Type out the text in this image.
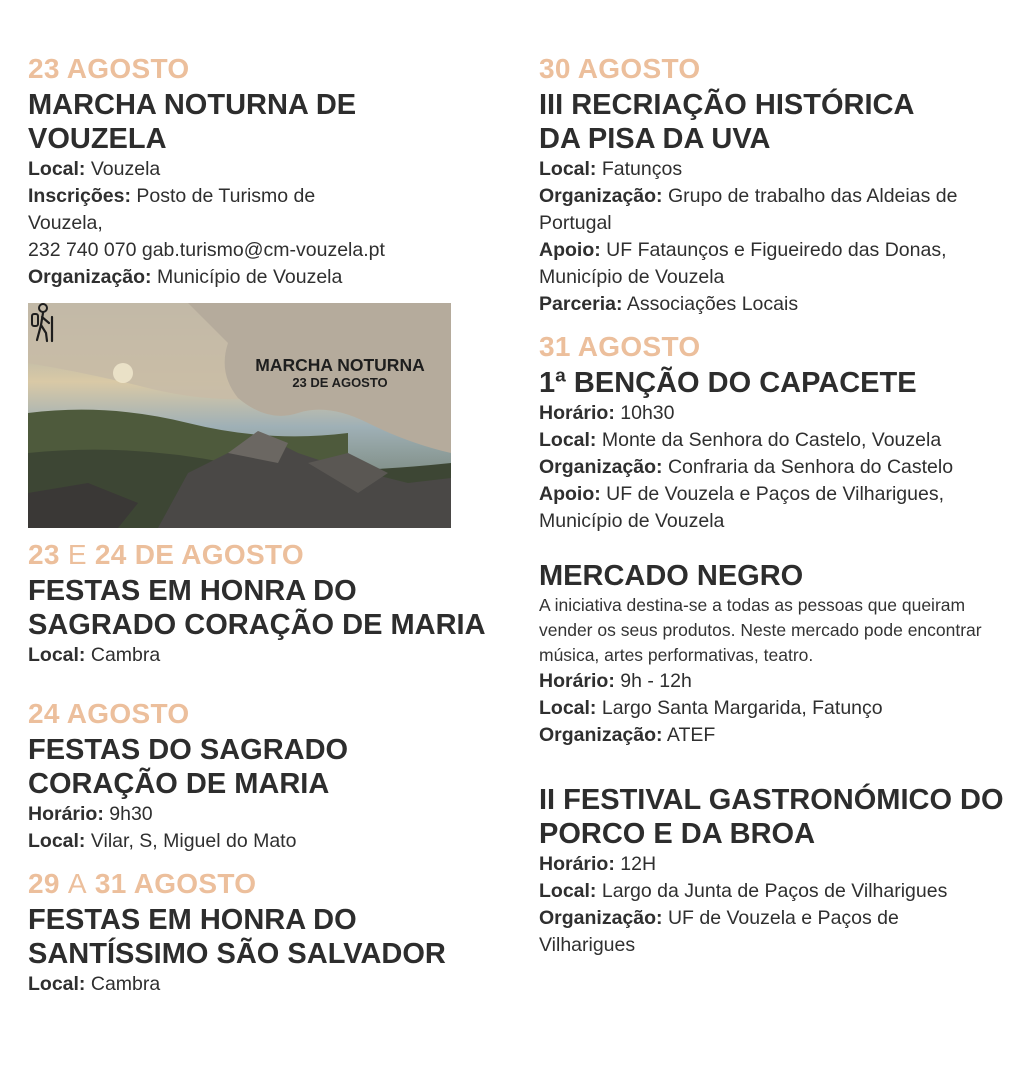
23 AGOSTO
MARCHA NOTURNA DE VOUZELA
Local: Vouzela
Inscrições: Posto de Turismo de Vouzela,
232 740 070 gab.turismo@cm-vouzela.pt
Organização: Município de Vouzela
MARCHA NOTURNA
23 DE AGOSTO
23 E 24 DE AGOSTO
FESTAS EM HONRA DO SAGRADO CORAÇÃO DE MARIA
Local: Cambra
24 AGOSTO
FESTAS DO SAGRADO CORAÇÃO DE MARIA
Horário: 9h30
Local: Vilar, S, Miguel do Mato
29 A 31 AGOSTO
FESTAS EM HONRA DO SANTÍSSIMO SÃO SALVADOR
Local: Cambra
30 AGOSTO
III RECRIAÇÃO HISTÓRICA DA PISA DA UVA
Local: Fatunços
Organização: Grupo de trabalho das Aldeias de Portugal
Apoio: UF Fataunços e Figueiredo das Donas, Município de Vouzela
Parceria: Associações Locais
31 AGOSTO
1ª BENÇÃO DO CAPACETE
Horário: 10h30
Local: Monte da Senhora do Castelo, Vouzela
Organização: Confraria da Senhora do Castelo
Apoio: UF de Vouzela e Paços de Vilharigues, Município de Vouzela
MERCADO NEGRO
A iniciativa destina-se a todas as pessoas que queiram vender os seus produtos. Neste mercado pode encontrar música, artes performativas, teatro.
Horário: 9h - 12h
Local: Largo Santa Margarida, Fatunço
Organização: ATEF
II FESTIVAL GASTRONÓMICO DO PORCO E DA BROA
Horário: 12H
Local: Largo da Junta de Paços de Vilharigues
Organização: UF de Vouzela e Paços de Vilharigues
